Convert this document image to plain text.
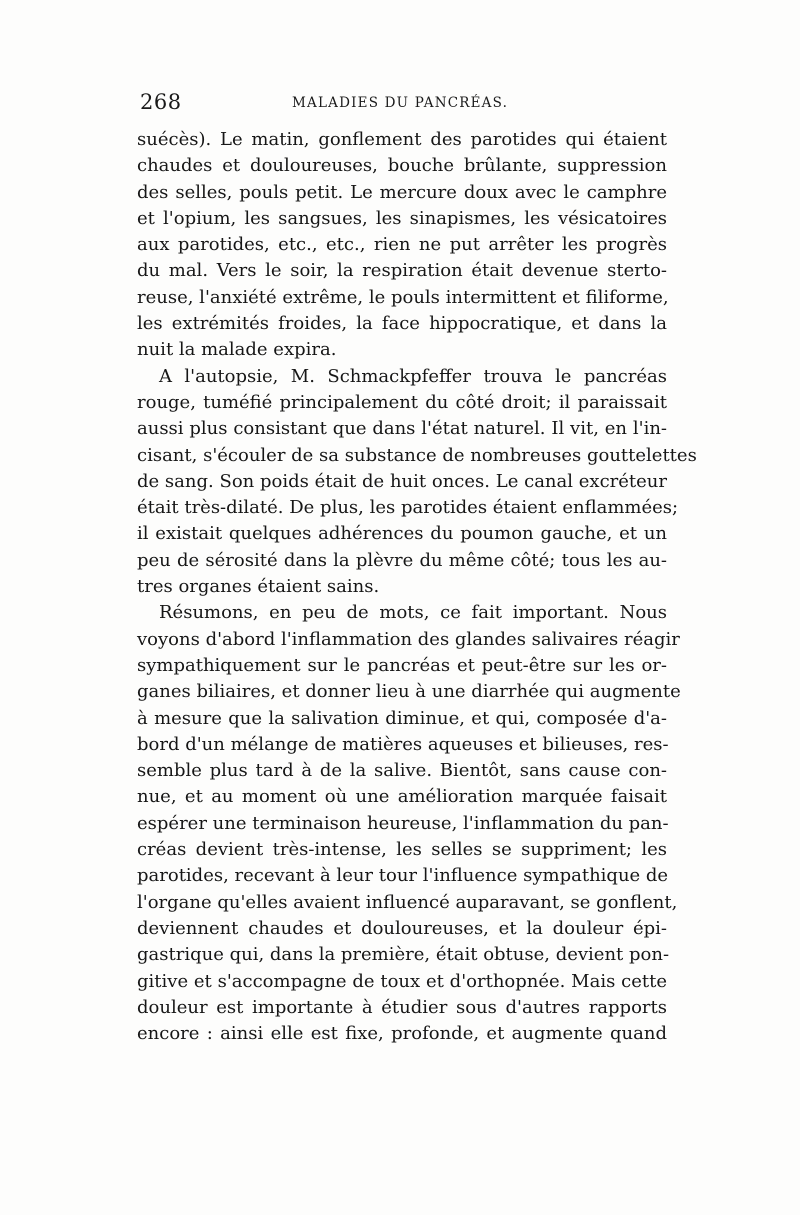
268	MALADIES DU PANCRÉAS.
suécès). Le matin, gonflement des parotides qui étaient
chaudes et douloureuses, bouche brûlante, suppression
des selles, pouls petit. Le mercure doux avec le camphre
et l'opium, les sangsues, les sinapismes, les vésicatoires
aux parotides, etc., etc., rien ne put arrêter les progrès
du mal. Vers le soir, la respiration était devenue sterto-
reuse, l'anxiété extrême, le pouls intermittent et filiforme,
les extrémités froides, la face hippocratique, et dans la
nuit la malade expira.
A l'autopsie, M. Schmackpfeffer trouva le pancréas
rouge, tuméfié principalement du côté droit; il paraissait
aussi plus consistant que dans l'état naturel. Il vit, en l'in-
cisant, s'écouler de sa substance de nombreuses gouttelettes
de sang. Son poids était de huit onces. Le canal excréteur
était très-dilaté. De plus, les parotides étaient enflammées;
il existait quelques adhérences du poumon gauche, et un
peu de sérosité dans la plèvre du même côté; tous les au-
tres organes étaient sains.
Résumons, en peu de mots, ce fait important. Nous
voyons d'abord l'inflammation des glandes salivaires réagir
sympathiquement sur le pancréas et peut-être sur les or-
ganes biliaires, et donner lieu à une diarrhée qui augmente
à mesure que la salivation diminue, et qui, composée d'a-
bord d'un mélange de matières aqueuses et bilieuses, res-
semble plus tard à de la salive. Bientôt, sans cause con-
nue, et au moment où une amélioration marquée faisait
espérer une terminaison heureuse, l'inflammation du pan-
créas devient très-intense, les selles se suppriment; les
parotides, recevant à leur tour l'influence sympathique de
l'organe qu'elles avaient influencé auparavant, se gonflent,
deviennent chaudes et douloureuses, et la douleur épi-
gastrique qui, dans la première, était obtuse, devient pon-
gitive et s'accompagne de toux et d'orthopnée. Mais cette
douleur est importante à étudier sous d'autres rapports
encore : ainsi elle est fixe, profonde, et augmente quand
